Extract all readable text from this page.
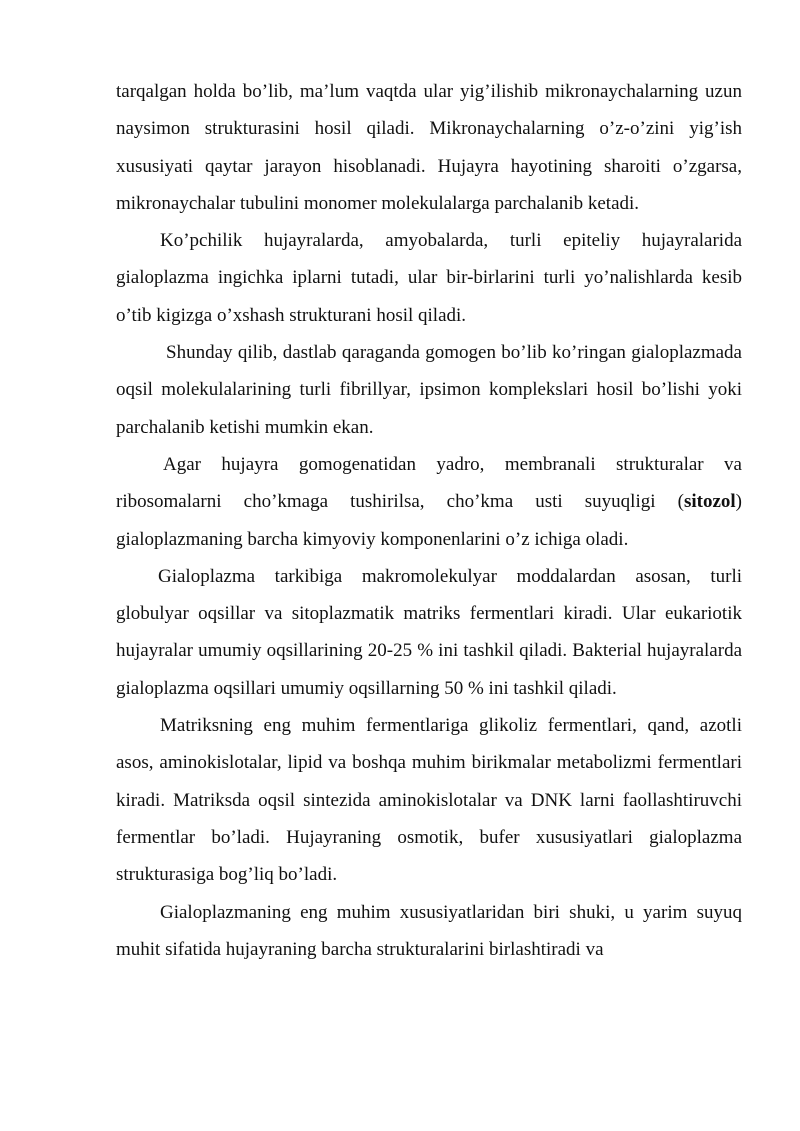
tarqalgan holda bo’lib, ma’lum vaqtda ular yig’ilishib mikronaychalarning uzun naysimon strukturasini hosil qiladi. Mikronaychalarning o’z-o’zini yig’ish xususiyati qaytar jarayon hisoblanadi. Hujayra hayotining sharoiti o’zgarsa, mikronaychalar tubulini monomer molekulalarga parchalanib ketadi.

Ko’pchilik hujayralarda, amyobalarda, turli epiteliy hujayralarida gialoplazma ingichka iplarni tutadi, ular bir-birlarini turli yo’nalishlarda kesib o’tib kigizga o’xshash strukturani hosil qiladi.

Shunday qilib, dastlab qaraganda gomogen bo’lib ko’ringan gialoplazmada oqsil molekulalarining turli fibrillyar, ipsimon komplekslari hosil bo’lishi yoki parchalanib ketishi mumkin ekan.

Agar hujayra gomogenatidan yadro, membranali strukturalar va ribosomalarni cho’kmaga tushirilsa, cho’kma usti suyuqligi (sitozol) gialoplazmaning barcha kimyoviy komponenlarini o’z ichiga oladi.

Gialoplazma tarkibiga makromolekulyar moddalardan asosan, turli globulyar oqsillar va sitoplazmatik matriks fermentlari kiradi. Ular eukariotik hujayralar umumiy oqsillarining 20-25 % ini tashkil qiladi. Bakterial hujayralarda gialoplazma oqsillari umumiy oqsillarning 50 % ini tashkil qiladi.

Matriksning eng muhim fermentlariga glikoliz fermentlari, qand, azotli asos, aminokislotalar, lipid va boshqa muhim birikmalar metabolizmi fermentlari kiradi. Matriksda oqsil sintezida aminokislotalar va DNK larni faollashtiruvchi fermentlar bo’ladi. Hujayraning osmotik, bufer xususiyatlari gialoplazma strukturasiga bog’liq bo’ladi.

Gialoplazmaning eng muhim xususiyatlaridan biri shuki, u yarim suyuq muhit sifatida hujayraning barcha strukturalarini birlashtiradi va
